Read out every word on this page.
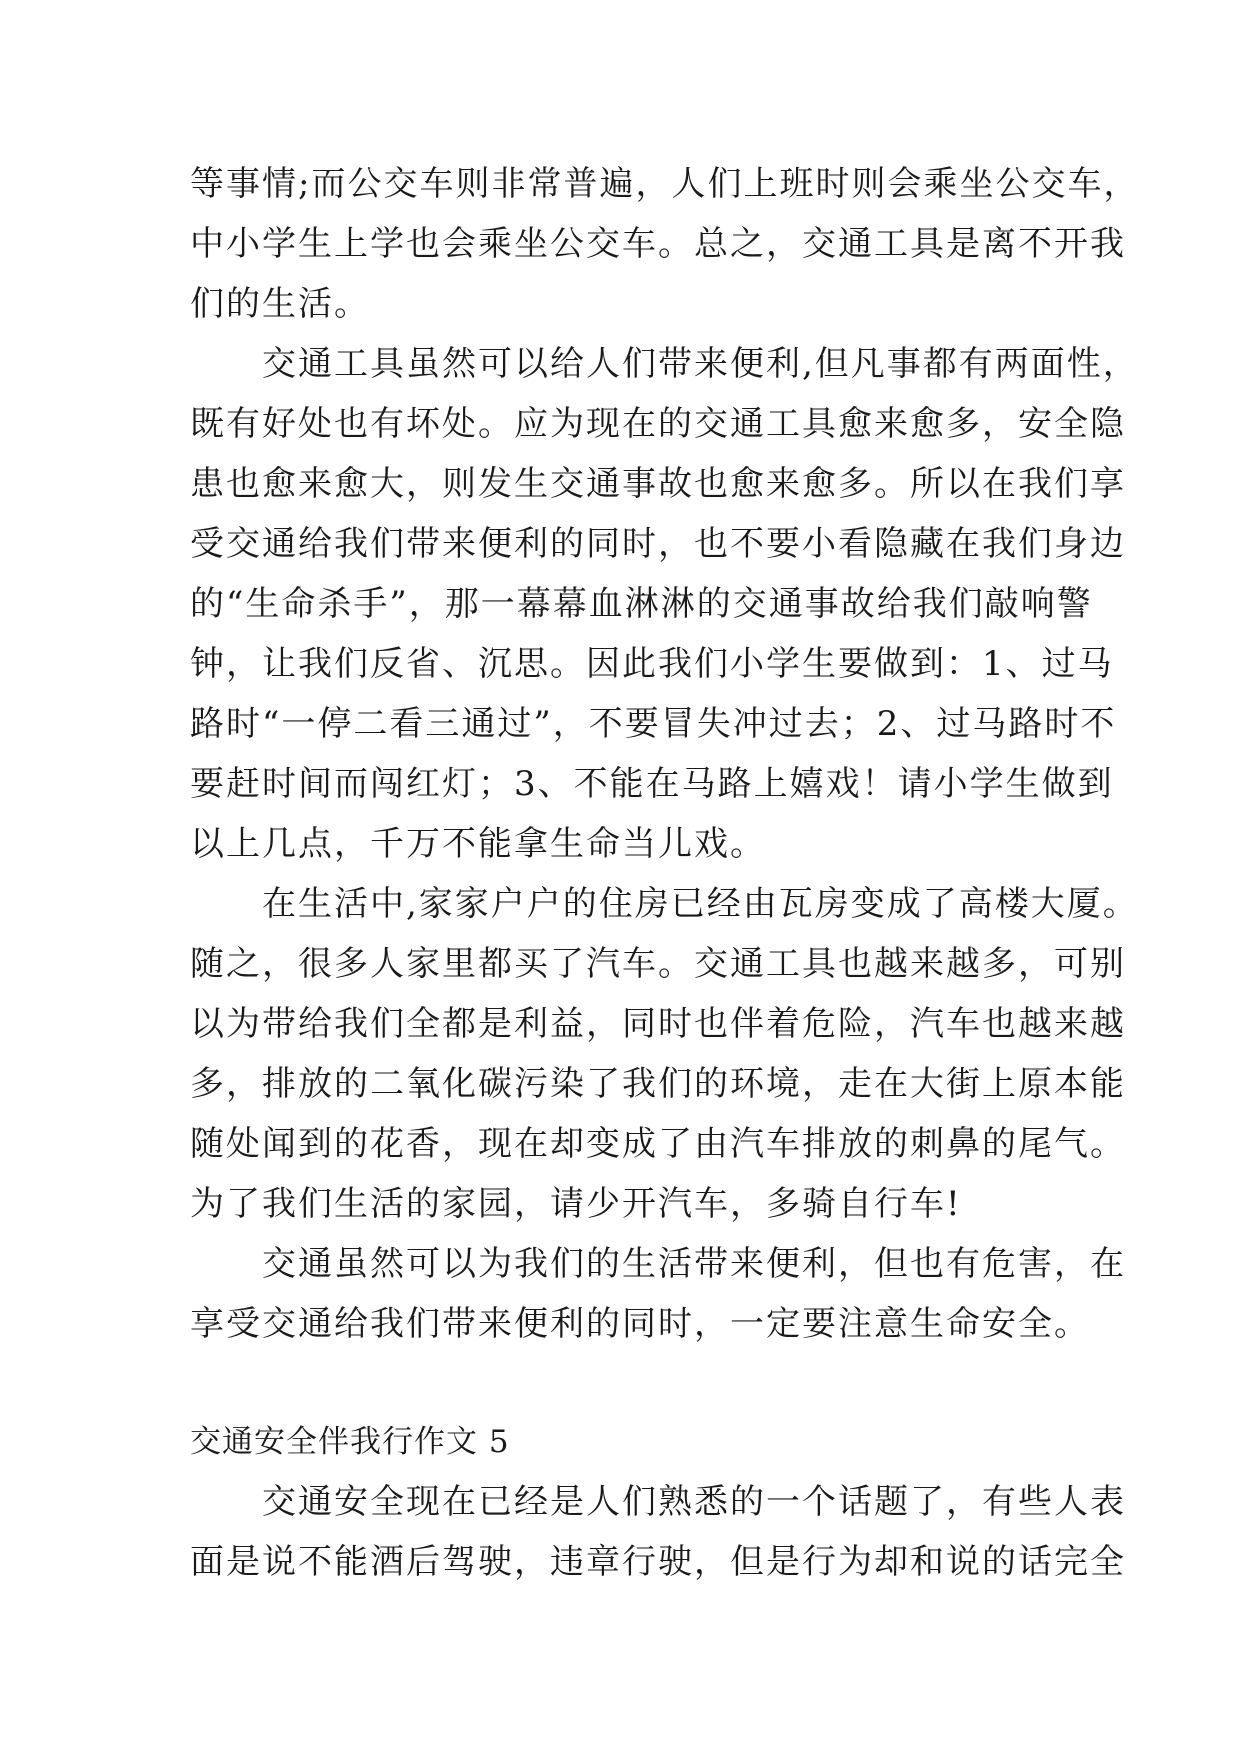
等事情;而公交车则非常普遍，人们上班时则会乘坐公交车，
中小学生上学也会乘坐公交车。总之，交通工具是离不开我
们的生活。
交通工具虽然可以给人们带来便利,但凡事都有两面性，
既有好处也有坏处。应为现在的交通工具愈来愈多，安全隐
患也愈来愈大，则发生交通事故也愈来愈多。所以在我们享
受交通给我们带来便利的同时，也不要小看隐藏在我们身边
的“生命杀手”，那一幕幕血淋淋的交通事故给我们敲响警
钟，让我们反省、沉思。因此我们小学生要做到：1、过马
路时“一停二看三通过”，不要冒失冲过去；2、过马路时不
要赶时间而闯红灯；3、不能在马路上嬉戏！请小学生做到
以上几点，千万不能拿生命当儿戏。
在生活中,家家户户的住房已经由瓦房变成了高楼大厦。
随之，很多人家里都买了汽车。交通工具也越来越多，可别
以为带给我们全都是利益，同时也伴着危险，汽车也越来越
多，排放的二氧化碳污染了我们的环境，走在大街上原本能
随处闻到的花香，现在却变成了由汽车排放的刺鼻的尾气。
为了我们生活的家园，请少开汽车，多骑自行车!
交通虽然可以为我们的生活带来便利，但也有危害，在
享受交通给我们带来便利的同时，一定要注意生命安全。
交通安全伴我行作文 5
交通安全现在已经是人们熟悉的一个话题了，有些人表
面是说不能酒后驾驶，违章行驶，但是行为却和说的话完全
